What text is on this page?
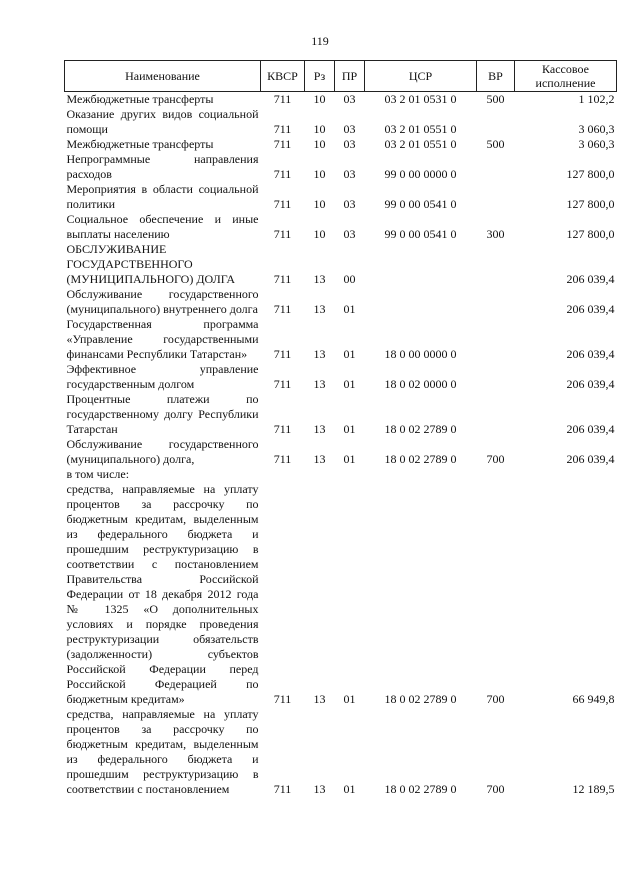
119
Наименование	КВСР	Рз	ПР	ЦСР	ВР	Кассовое исполнение
Межбюджетные трансферты	711	10	03	03 2 01 0531 0	500	1 102,2
Оказание других видов социальной помощи	711	10	03	03 2 01 0551 0		3 060,3
Межбюджетные трансферты	711	10	03	03 2 01 0551 0	500	3 060,3
Непрограммные направления расходов	711	10	03	99 0 00 0000 0		127 800,0
Мероприятия в области социальной политики	711	10	03	99 0 00 0541 0		127 800,0
Социальное обеспечение и иные выплаты населению	711	10	03	99 0 00 0541 0	300	127 800,0
ОБСЛУЖИВАНИЕ ГОСУДАРСТВЕННОГО (МУНИЦИПАЛЬНОГО) ДОЛГА	711	13	00			206 039,4
Обслуживание государственного (муниципального) внутреннего долга	711	13	01			206 039,4
Государственная программа «Управление государственными финансами Республики Татарстан»	711	13	01	18 0 00 0000 0		206 039,4
Эффективное управление государственным долгом	711	13	01	18 0 02 0000 0		206 039,4
Процентные платежи по государственному долгу Республики Татарстан	711	13	01	18 0 02 2789 0		206 039,4
Обслуживание государственного (муниципального) долга,	711	13	01	18 0 02 2789 0	700	206 039,4
в том числе:						
средства, направляемые на уплату процентов за рассрочку по бюджетным кредитам, выделенным из федерального бюджета и прошедшим реструктуризацию в соответствии с постановлением Правительства Российской Федерации от 18 декабря 2012 года № 1325 «О дополнительных условиях и порядке проведения реструктуризации обязательств (задолженности) субъектов Российской Федерации перед Российской Федерацией по бюджетным кредитам»	711	13	01	18 0 02 2789 0	700	66 949,8
средства, направляемые на уплату процентов за рассрочку по бюджетным кредитам, выделенным из федерального бюджета и прошедшим реструктуризацию в соответствии с постановлением	711	13	01	18 0 02 2789 0	700	12 189,5
